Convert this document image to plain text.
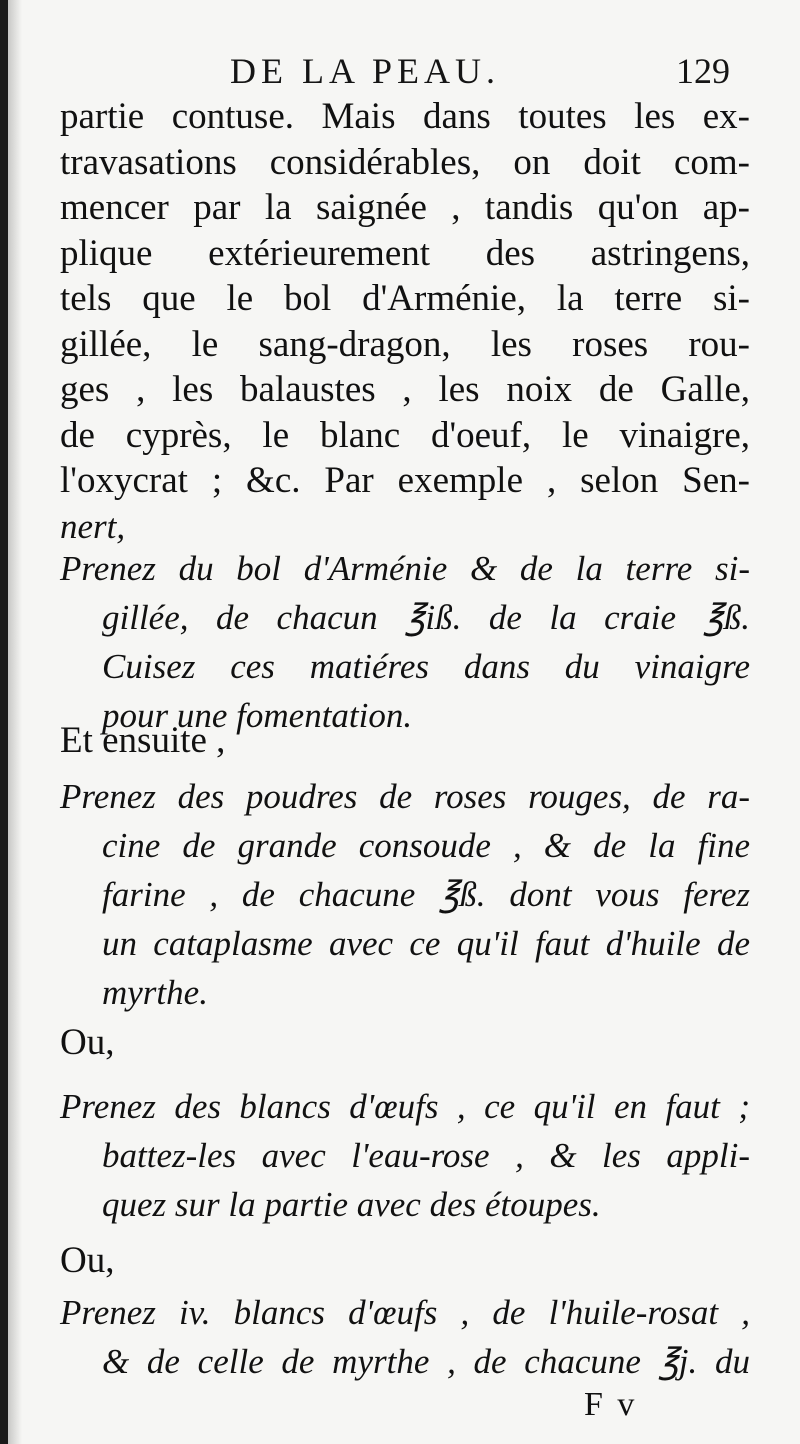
DE LA PEAU.	129
partie contuse. Mais dans toutes les ex-
travasations considérables, on doit com-
mencer par la saignée , tandis qu'on ap-
plique extérieurement des astringens,
tels que le bol d'Arménie, la terre si-
gillée, le sang-dragon, les roses rou-
ges , les balaustes , les noix de Galle,
de cyprès, le blanc d'oeuf, le vinaigre,
l'oxycrat ; &c. Par exemple , selon Sen-
nert,
Prenez du bol d'Arménie & de la terre si-
gillée, de chacun ℥iß. de la craie ℥ß.
Cuisez ces matiéres dans du vinaigre
pour une fomentation.
Et ensuite ,
Prenez des poudres de roses rouges, de ra-
cine de grande consoude , & de la fine
farine , de chacune ℥ß. dont vous ferez
un cataplasme avec ce qu'il faut d'huile de
myrthe.
Ou,
Prenez des blancs d'œufs , ce qu'il en faut ;
battez-les avec l'eau-rose , & les appli-
quez sur la partie avec des étoupes.
Ou,
Prenez iv. blancs d'œufs , de l'huile-rosat ,
& de celle de myrthe , de chacune ℥j. du
F v
